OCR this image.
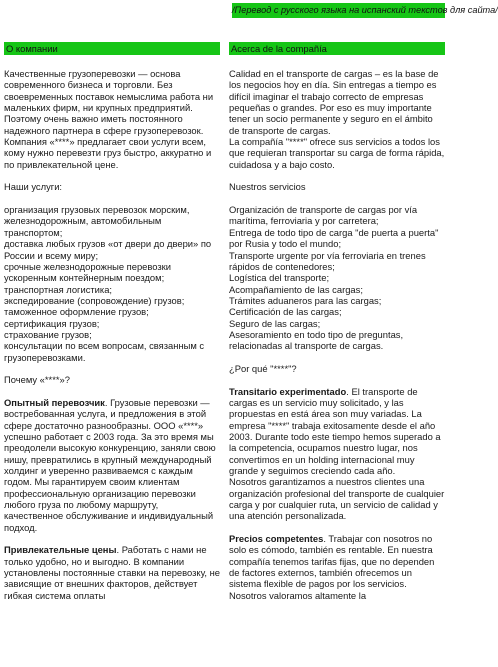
/Перевод с русского языка на испанский текстов для сайта/
О компании

Качественные грузоперевозки — основа современного бизнеса и торговли. Без своевременных поставок немыслима работа ни маленьких фирм, ни крупных предприятий. Поэтому очень важно иметь постоянного надежного партнера в сфере грузоперевозок. Компания «****» предлагает свои услуги всем, кому нужно перевезти груз быстро, аккуратно и по привлекательной цене.

Наши услуги:

организация грузовых перевозок морским, железнодорожным, автомобильным транспортом;

доставка любых грузов «от двери до двери» по России и всему миру;

срочные железнодорожные перевозки ускоренным контейнерным поездом;

транспортная логистика;

экспедирование (сопровождение) грузов;

таможенное оформление грузов;

сертификация грузов;

страхование грузов;

консультации по всем вопросам, связанным с грузоперевозками.

Почему «****»?

Опытный перевозчик. Грузовые перевозки — востребованная услуга, и предложения в этой сфере достаточно разнообразны. ООО «****» успешно работает с 2003 года. За это время мы преодолели высокую конкуренцию, заняли свою нишу, превратились в крупный международный холдинг и уверенно развиваемся с каждым годом. Мы гарантируем своим клиентам профессиональную организацию перевозки любого груза по любому маршруту, качественное обслуживание и индивидуальный подход.

Привлекательные цены. Работать с нами не только удобно, но и выгодно. В компании установлены постоянные ставки на перевозку, не зависящие от внешних факторов, действует гибкая система оплаты

Acerca de la compañía

Calidad en el transporte de cargas – es la base de los negocios hoy en día. Sin entregas a tiempo es difícil imaginar el trabajo correcto de empresas pequeñas o grandes. Por eso es muy importante tener un socio permanente y seguro en el ámbito de transporte de cargas.

La compañía "****" ofrece sus servicios a todos los que requieran transportar su carga de forma rápida, cuidadosa y a bajo costo.

Nuestros servicios

Organización de transporte de cargas por vía marítima, ferroviaria y por carretera;

Entrega de todo tipo de carga "de puerta a puerta" por Rusia y todo el mundo;

Transporte urgente por vía ferroviaria en trenes rápidos de contenedores;

Logística del transporte;

Acompañamiento de las cargas;

Trámites aduaneros para las cargas;

Certificación de las cargas;

Seguro de las cargas;

Asesoramiento en todo tipo de preguntas, relacionadas al transporte de cargas.

¿Por qué "****"?

Transitario experimentado. El transporte de cargas es un servicio muy solicitado, y las propuestas en está área son muy variadas. La empresa "****" trabaja exitosamente desde el año 2003. Durante todo este tiempo hemos superado a la competencia, ocupamos nuestro lugar, nos convertimos en un holding internacional muy grande y seguimos creciendo cada año.

Nosotros garantizamos a nuestros clientes una organización profesional del transporte de cualquier carga y por cualquier ruta, un servicio de calidad y una atención personalizada.

Precios competentes. Trabajar con nosotros no solo es cómodo, también es rentable. En nuestra compañía tenemos tarifas fijas, que no dependen de factores externos, también ofrecemos un sistema flexible de pagos por los servicios. Nosotros valoramos altamente la
